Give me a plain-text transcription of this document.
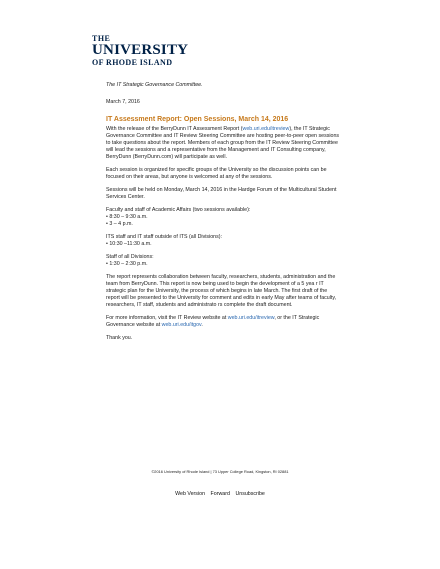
THE
UNIVERSITY
OF RHODE ISLAND

The IT Strategic Governance Committee.

March 7, 2016

IT Assessment Report: Open Sessions, March 14, 2016

With the release of the BerryDunn IT Assessment Report (web.uri.edu/itreview), the IT Strategic Governance Committee and IT Review Steering Committee are hosting peer-to-peer open sessions to take questions about the report. Members of each group from the IT Review Steering Committee will lead the sessions and a representative from the Management and IT Consulting company, BerryDunn (BerryDunn.com) will participate as well.

Each session is organized for specific groups of the University so the discussion points can be focused on their areas, but anyone is welcomed at any of the sessions.

Sessions will be held on Monday, March 14, 2016 in the Hardge Forum of the Multicultural Student Services Center.

Faculty and staff of Academic Affairs (two sessions available):
• 8:30 – 9:30 a.m.
• 3 – 4 p.m.
ITS staff and IT staff outside of ITS (all Divisions):
• 10:30 –11:30 a.m.
Staff of all Divisions:
• 1:30 – 2:30 p.m.

The report represents collaboration between faculty, researchers, students, administration and the team from BerryDunn. This report is now being used to begin the development of a 5 yea r IT strategic plan for the University, the process of which begins in late March. The first draft of the report will be presented to the University for comment and edits in early May after teams of faculty, researchers, IT staff, students and administrato rs complete the draft document.

For more information, visit the IT Review website at web.uri.edu/itreview, or the IT Strategic Governance website at web.uri.edu/itgov.

Thank you.

©2016 University of Rhode Island | 73 Upper College Road, Kingston, RI 02881
Web Version Forward Unsubscribe
